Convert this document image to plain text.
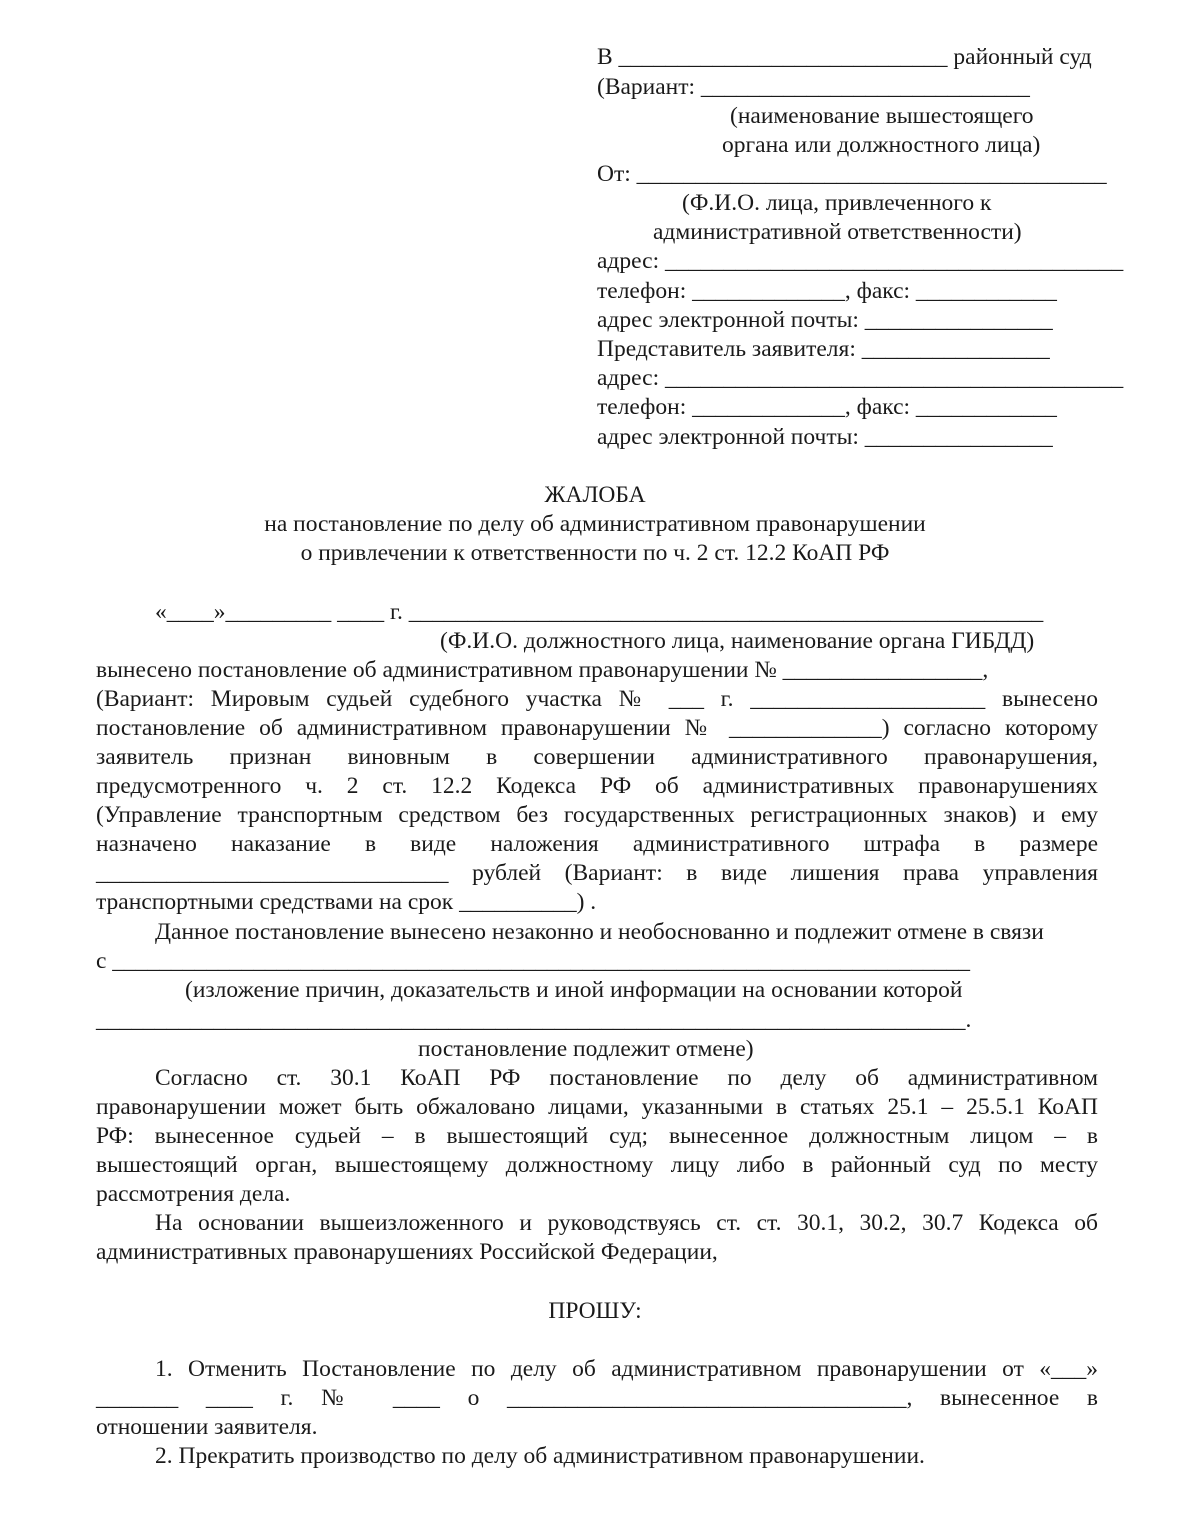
В ____________________________ районный суд
(Вариант: ____________________________
(наименование вышестоящего
органа или должностного лица)
От: ________________________________________
(Ф.И.О. лица, привлеченного к
административной ответственности)
адрес: _______________________________________
телефон: _____________, факс: ____________
адрес электронной почты: ________________
Представитель заявителя: ________________
адрес: _______________________________________
телефон: _____________, факс: ____________
адрес электронной почты: ________________
ЖАЛОБА
на постановление по делу об административном правонарушении
о привлечении к ответственности по ч. 2 ст. 12.2 КоАП РФ
«____»_________ ____ г. ______________________________________________________
(Ф.И.О. должностного лица, наименование органа ГИБДД)
вынесено постановление об административном правонарушении № _________________,
(Вариант: Мировым судьей судебного участка № ___ г. ____________________ вынесено
постановление об административном правонарушении № _____________) согласно которому
заявитель признан виновным в совершении административного правонарушения,
предусмотренного ч. 2 ст. 12.2 Кодекса РФ об административных правонарушениях
(Управление транспортным средством без государственных регистрационных знаков) и ему
назначено наказание в виде наложения административного штрафа в размере
______________________________ рублей (Вариант: в виде лишения права управления
транспортными средствами на срок __________) .
Данное постановление вынесено незаконно и необоснованно и подлежит отмене в связи
с _________________________________________________________________________
(изложение причин, доказательств и иной информации на основании которой
__________________________________________________________________________.
постановление подлежит отмене)
Согласно ст. 30.1 КоАП РФ постановление по делу об административном
правонарушении может быть обжаловано лицами, указанными в статьях 25.1 – 25.5.1 КоАП
РФ: вынесенное судьей – в вышестоящий суд; вынесенное должностным лицом – в
вышестоящий орган, вышестоящему должностному лицу либо в районный суд по месту
рассмотрения дела.
На основании вышеизложенного и руководствуясь ст. ст. 30.1, 30.2, 30.7 Кодекса об
административных правонарушениях Российской Федерации,
ПРОШУ:
1. Отменить Постановление по делу об административном правонарушении от «___»
_______ ____ г. № ____ о __________________________________, вынесенное в
отношении заявителя.
2. Прекратить производство по делу об административном правонарушении.
